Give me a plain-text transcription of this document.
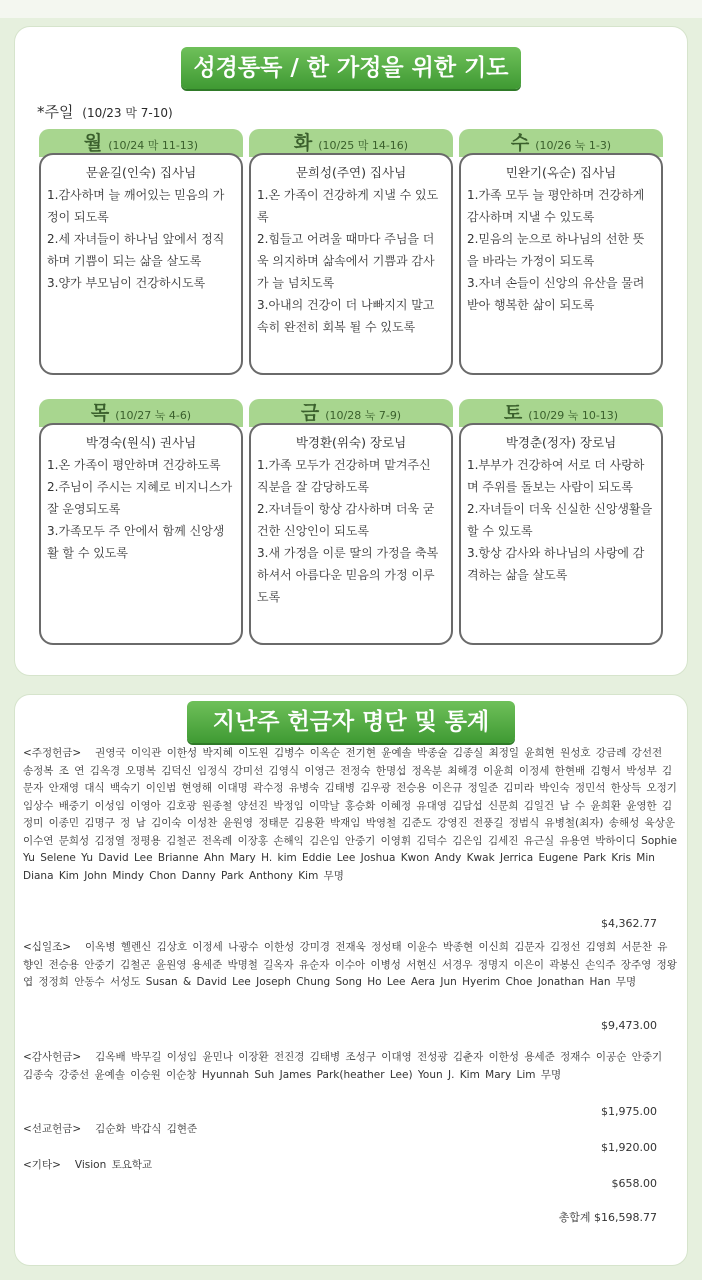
성경통독 / 한 가정을 위한 기도
*주일 (10/23 막 7-10)
월 (10/24 막 11-13)
문윤길(인숙) 집사님
1.감사하며 늘 깨어있는 믿음의 가정이 되도록
2.세 자녀들이 하나님 앞에서 정직하며 기쁨이 되는 삶을 살도록
3.양가 부모님이 건강하시도록
화 (10/25 막 14-16)
문희성(주연) 집사님
1.온 가족이 건강하게 지낼 수 있도록
2.힘들고 어려울 때마다 주님을 더욱 의지하며 삶속에서 기쁨과 감사가 늘 넘치도록
3.아내의 건강이 더 나빠지지 말고 속히 완전히 회복 될 수 있도록
수 (10/26 눅 1-3)
민완기(옥순) 집사님
1.가족 모두 늘 평안하며 건강하게 감사하며 지낼 수 있도록
2.믿음의 눈으로 하나님의 선한 뜻을 바라는 가정이 되도록
3.자녀 손들이 신앙의 유산을 물려받아 행복한 삶이 되도록
목 (10/27 눅 4-6)
박경숙(원식) 권사님
1.온 가족이 평안하며 건강하도록
2.주님이 주시는 지혜로 비지니스가 잘 운영되도록
3.가족모두 주 안에서 함께 신앙생활 할 수 있도록
금 (10/28 눅 7-9)
박경환(위숙) 장로님
1.가족 모두가 건강하며 맡겨주신 직분을 잘 감당하도록
2.자녀들이 항상 감사하며 더욱 굳건한 신앙인이 되도록
3.새 가정을 이룬 딸의 가정을 축복하셔서 아름다운 믿음의 가정 이루도록
토 (10/29 눅 10-13)
박경춘(정자) 장로님
1.부부가 건강하여 서로 더 사랑하며 주위를 돌보는 사람이 되도록
2.자녀들이 더욱 신실한 신앙생활을 할 수 있도록
3.항상 감사와 하나님의 사랑에 감격하는 삶을 살도록
지난주 헌금자 명단 및 통계
<주정헌금> 권영국 이익관 이한성 박지혜 이도원 김병수 이옥순 전기현 윤예솔 박종술 김종실 최정일 윤희현 원성호 강금례 강선전 송정복 조 연 김옥경 오명복 김덕신 임정식 강미선 김영식 이영근 전정숙 한명섭 정옥분 최해경 이윤희 이정세 한현배 김형서 박성부 김문자 안재영 대식 백숙기 이인범 현영해 이대명 곽수정 유병숙 김태병 김우광 전승용 이은규 정일준 김미라 박인숙 정민석 한상득 오정기 임상수 배중기 이성임 이영아 김호광 원종철 양선진 박정임 이막날 홍승화 이혜정 유대영 김담섭 신문희 김일건 남 수 윤희환 윤영한 김정미 이종민 김명구 정 남 김이숙 이성찬 윤원영 정태문 김용환 박재임 박영철 김준도 강영진 전풍길 정범식 유병철(최자) 송해성 육상운 이수연 문희성 김정열 정평용 김철곤 전옥례 이장홍 손해익 김은임 안중기 이영휘 김덕수 김은임 김세진 유근실 유용연 박하이디 Sophie Yu Selene Yu David Lee Brianne Ahn Mary H. kim Eddie Lee Joshua Kwon Andy Kwak Jerrica Eugene Park Kris Min Diana Kim John Mindy Chon Danny Park Anthony Kim 무명
$4,362.77
<십일조> 이옥병 헬렌신 김상호 이정세 나광수 이한성 강미경 전재욱 정성태 이윤수 박종현 이신희 김문자 김정선 김영희 서문찬 유향인 전승용 안중기 김철곤 윤원영 용세준 박명철 길옥자 유순자 이수아 이병성 서현신 서경우 정명지 이은이 곽봉신 손익주 장주영 정왕엽 정정희 안동수 서성도 Susan & David Lee Joseph Chung Song Ho Lee Aera Jun Hyerim Choe Jonathan Han 무명
$9,473.00
<감사헌금> 김옥배 박무길 이성임 윤민나 이장환 전진경 김태병 조성구 이대영 전성광 김춘자 이한성 용세준 정재수 이공순 안중기 김종숙 강중선 윤예솔 이승원 이순창 Hyunnah Suh James Park(heather Lee) Youn J. Kim Mary Lim 무명
$1,975.00
<선교헌금> 김순화 박갑식 김현준
$1,920.00
<기타> Vision 토요학교
$658.00
총합계 $16,598.77
